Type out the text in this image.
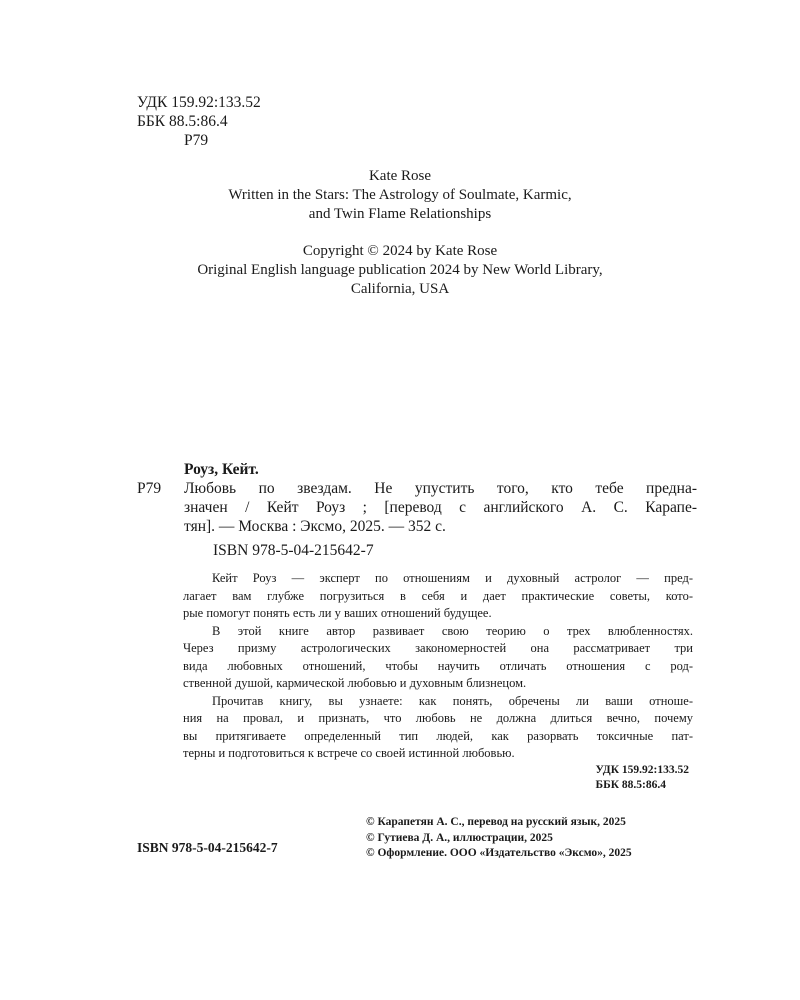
УДК 159.92:133.52
ББК 88.5:86.4
Р79
Kate Rose
Written in the Stars: The Astrology of Soulmate, Karmic,
and Twin Flame Relationships
Copyright © 2024 by Kate Rose
Original English language publication 2024 by New World Library,
California, USA
Роуз, Кейт.
Р79	Любовь по звездам. Не упустить того, кто тебе предна-
значен / Кейт Роуз ; [перевод с английского А. С. Карапе-
тян]. — Москва : Эксмо, 2025. — 352 с.
ISBN 978-5-04-215642-7
Кейт Роуз — эксперт по отношениям и духовный астролог — пред-
лагает вам глубже погрузиться в себя и дает практические советы, кото-
рые помогут понять есть ли у ваших отношений будущее.
В этой книге автор развивает свою теорию о трех влюбленностях.
Через призму астрологических закономерностей она рассматривает три
вида любовных отношений, чтобы научить отличать отношения с род-
ственной душой, кармической любовью и духовным близнецом.
Прочитав книгу, вы узнаете: как понять, обречены ли ваши отноше-
ния на провал, и признать, что любовь не должна длиться вечно, почему
вы притягиваете определенный тип людей, как разорвать токсичные пат-
терны и подготовиться к встрече со своей истинной любовью.
УДК 159.92:133.52
ББК 88.5:86.4
ISBN 978-5-04-215642-7
© Карапетян А. С., перевод на русский язык, 2025
© Гутиева Д. А., иллюстрации, 2025
© Оформление. ООО «Издательство «Эксмо», 2025
